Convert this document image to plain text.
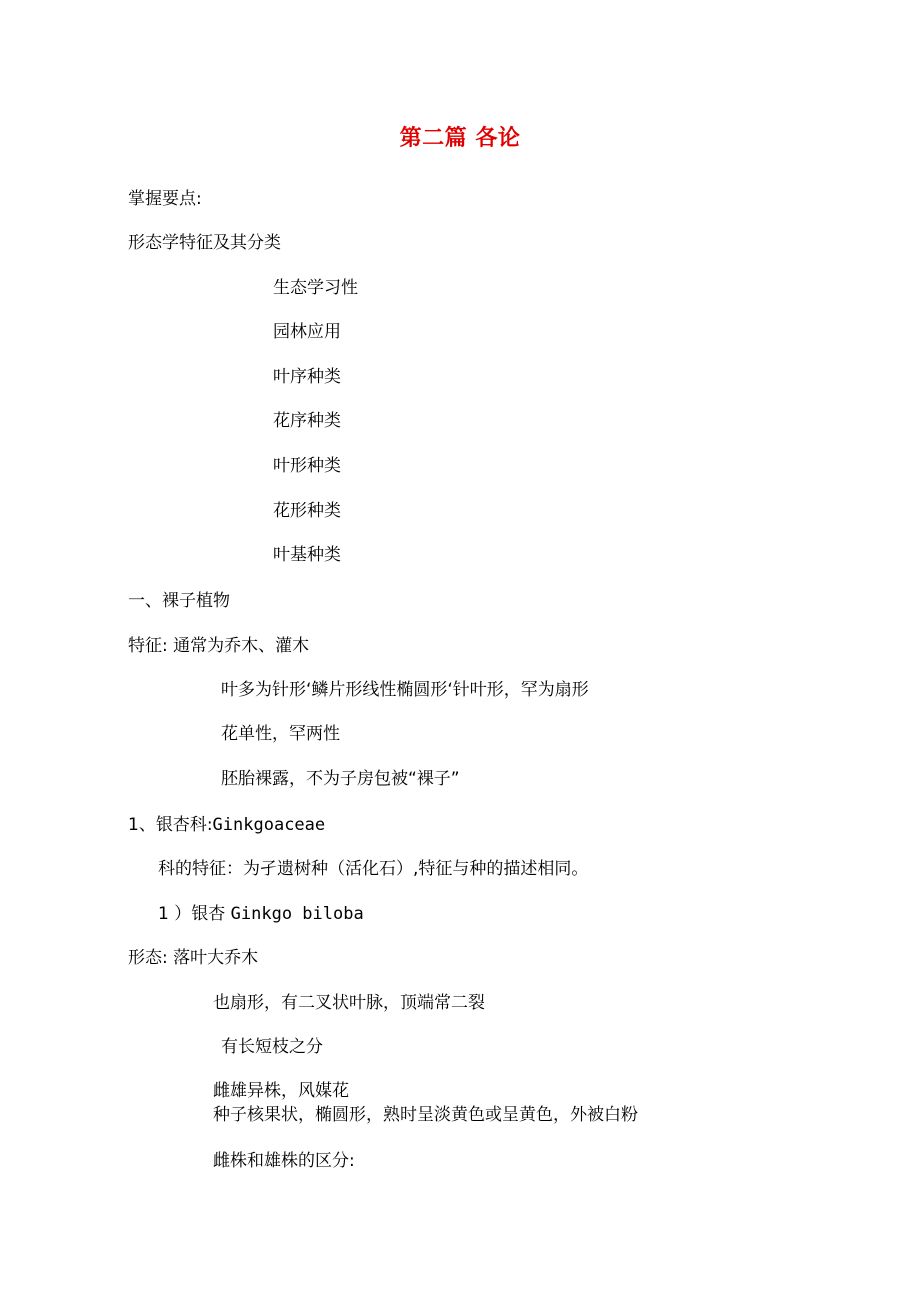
第二篇 各论
掌握要点:
形态学特征及其分类
生态学习性
园林应用
叶序种类
花序种类
叶形种类
花形种类
叶基种类
一、裸子植物
特征: 通常为乔木、灌木
叶多为针形‘鳞片形线性椭圆形‘针叶形，罕为扇形
花单性，罕两性
胚胎裸露，不为子房包被“裸子”
1、银杏科:Ginkgoaceae
科的特征：为孑遗树种（活化石）,特征与种的描述相同。
1 ）银杏 Ginkgo biloba
形态: 落叶大乔木
也扇形，有二叉状叶脉，顶端常二裂
有长短枝之分
雌雄异株，风媒花
种子核果状，椭圆形，熟时呈淡黄色或呈黄色，外被白粉
雌株和雄株的区分:
